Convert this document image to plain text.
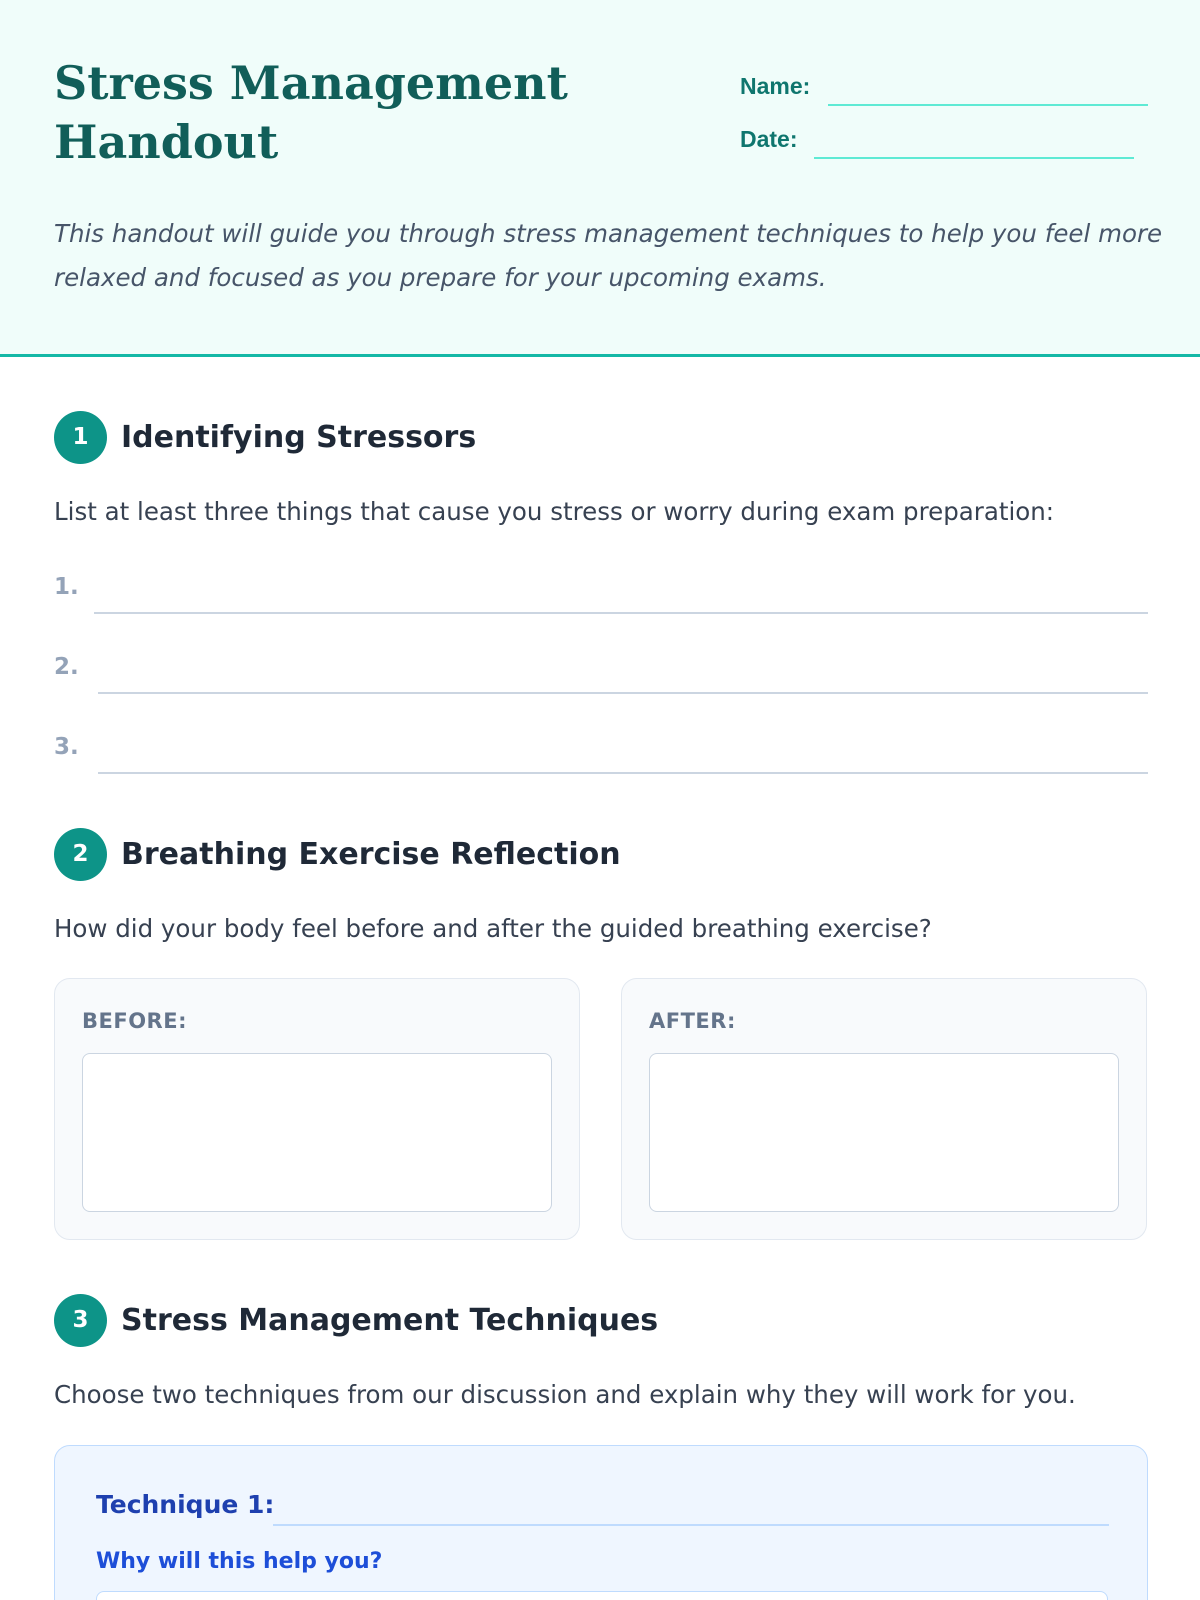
Stress Management
Handout
Name:
Date:
This handout will guide you through stress management techniques to help you feel more relaxed and focused as you prepare for your upcoming exams.
1	Identifying Stressors
List at least three things that cause you stress or worry during exam preparation:
1.
2.
3.
2	Breathing Exercise Reflection
How did your body feel before and after the guided breathing exercise?
BEFORE:	AFTER:
3	Stress Management Techniques
Choose two techniques from our discussion and explain why they will work for you.
Technique 1:
Why will this help you?
